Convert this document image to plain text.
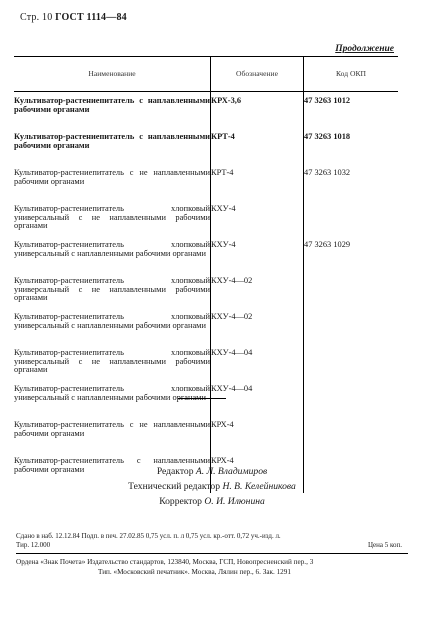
Стр. 10 ГОСТ 1114—84
Продолжение
Наименование	Обозначение	Код ОКП

Культиватор-растениепитатель с наплавленными рабочими органами	КРХ-3,6	47 3263 1012
Культиватор-растениепитатель с наплавленными рабочими органами	КРТ-4	47 3263 1018
Культиватор-растениепитатель с не наплавленными рабочими органами	КРТ-4	47 3263 1032
Культиватор-растениепитатель хлопковый универсальный с не наплавленными рабочими органами	КХУ-4	
Культиватор-растениепитатель хлопковый универсальный с наплавленными рабочими органами	КХУ-4	47 3263 1029
Культиватор-растениепитатель хлопковый универсальный с не наплавленными рабочими органами	КХУ-4—02	
Культиватор-растениепитатель хлопковый универсальный с наплавленными рабочими органами	КХУ-4—02	
Культиватор-растениепитатель хлопковый универсальный с не наплавленными рабочими органами	КХУ-4—04	
Культиватор-растениепитатель хлопковый универсальный с наплавленными рабочими органами	КХУ-4—04	
Культиватор-растениепитатель с не наплавленными рабочими органами	КРХ-4	
Культиватор-растениепитатель с наплавленными рабочими органами	КРХ-4	
Редактор А. Л. Владимиров
Технический редактор Н. В. Келейникова
Корректор О. И. Илюнина
Сдано в наб. 12.12.84 Подп. в печ. 27.02.85 0,75 усл. п. л 0,75 усл. кр.-отт. 0,72 уч.-изд. л.
Тир. 12.000	Цена 5 коп.
Ордена «Знак Почета» Издательство стандартов, 123840, Москва, ГСП, Новопресненский пер., 3
Тип. «Московский печатник». Москва, Лялин пер., 6. Зак. 1291
